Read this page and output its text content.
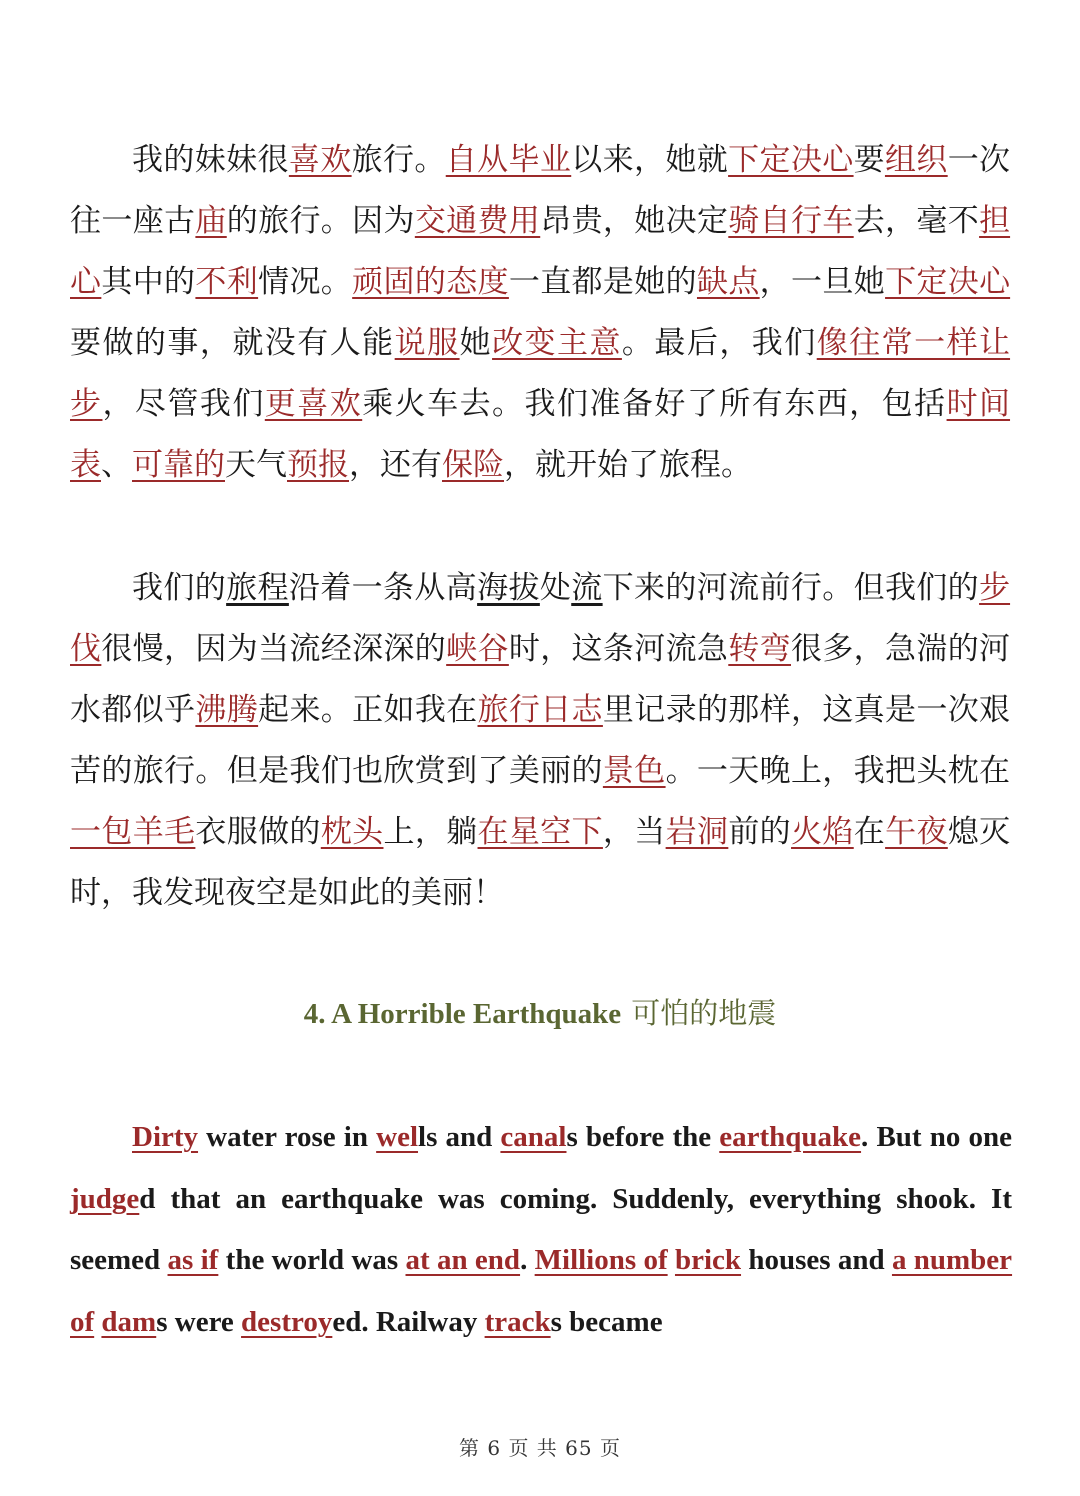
我的妹妹很喜欢旅行。自从毕业以来，她就下定决心要组织一次往一座古庙的旅行。因为交通费用昂贵，她决定骑自行车去，毫不担心其中的不利情况。顽固的态度一直都是她的缺点，一旦她下定决心要做的事，就没有人能说服她改变主意。最后，我们像往常一样让步，尽管我们更喜欢乘火车去。我们准备好了所有东西，包括时间表、可靠的天气预报，还有保险，就开始了旅程。

我们的旅程沿着一条从高海拔处流下来的河流前行。但我们的步伐很慢，因为当流经深深的峡谷时，这条河流急转弯很多，急湍的河水都似乎沸腾起来。正如我在旅行日志里记录的那样，这真是一次艰苦的旅行。但是我们也欣赏到了美丽的景色。一天晚上，我把头枕在一包羊毛衣服做的枕头上，躺在星空下，当岩洞前的火焰在午夜熄灭时，我发现夜空是如此的美丽！

4. A Horrible Earthquake 可怕的地震

Dirty water rose in wells and canals before the earthquake. But no one judged that an earthquake was coming. Suddenly, everything shook. It seemed as if the world was at an end. Millions of brick houses and a number of dams were destroyed. Railway tracks became

第 6 页 共 65 页
